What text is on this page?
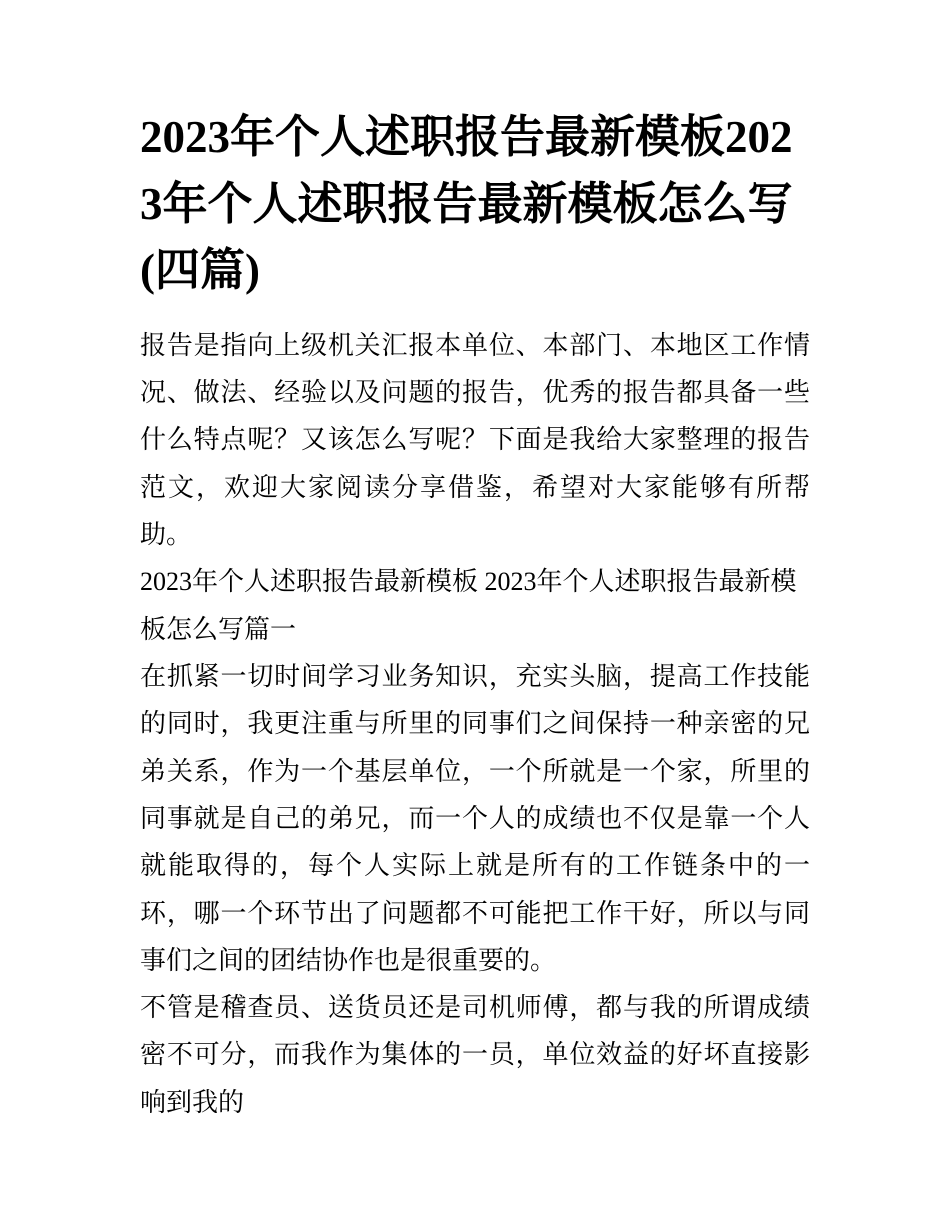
2023年个人述职报告最新模板2023年个人述职报告最新模板怎么写(四篇)

报告是指向上级机关汇报本单位、本部门、本地区工作情况、做法、经验以及问题的报告，优秀的报告都具备一些什么特点呢？又该怎么写呢？下面是我给大家整理的报告范文，欢迎大家阅读分享借鉴，希望对大家能够有所帮助。

2023年个人述职报告最新模板 2023年个人述职报告最新模板怎么写篇一

在抓紧一切时间学习业务知识，充实头脑，提高工作技能的同时，我更注重与所里的同事们之间保持一种亲密的兄弟关系，作为一个基层单位，一个所就是一个家，所里的同事就是自己的弟兄，而一个人的成绩也不仅是靠一个人就能取得的，每个人实际上就是所有的工作链条中的一环，哪一个环节出了问题都不可能把工作干好，所以与同事们之间的团结协作也是很重要的。

不管是稽查员、送货员还是司机师傅，都与我的所谓成绩密不可分，而我作为集体的一员，单位效益的好坏直接影响到我的
